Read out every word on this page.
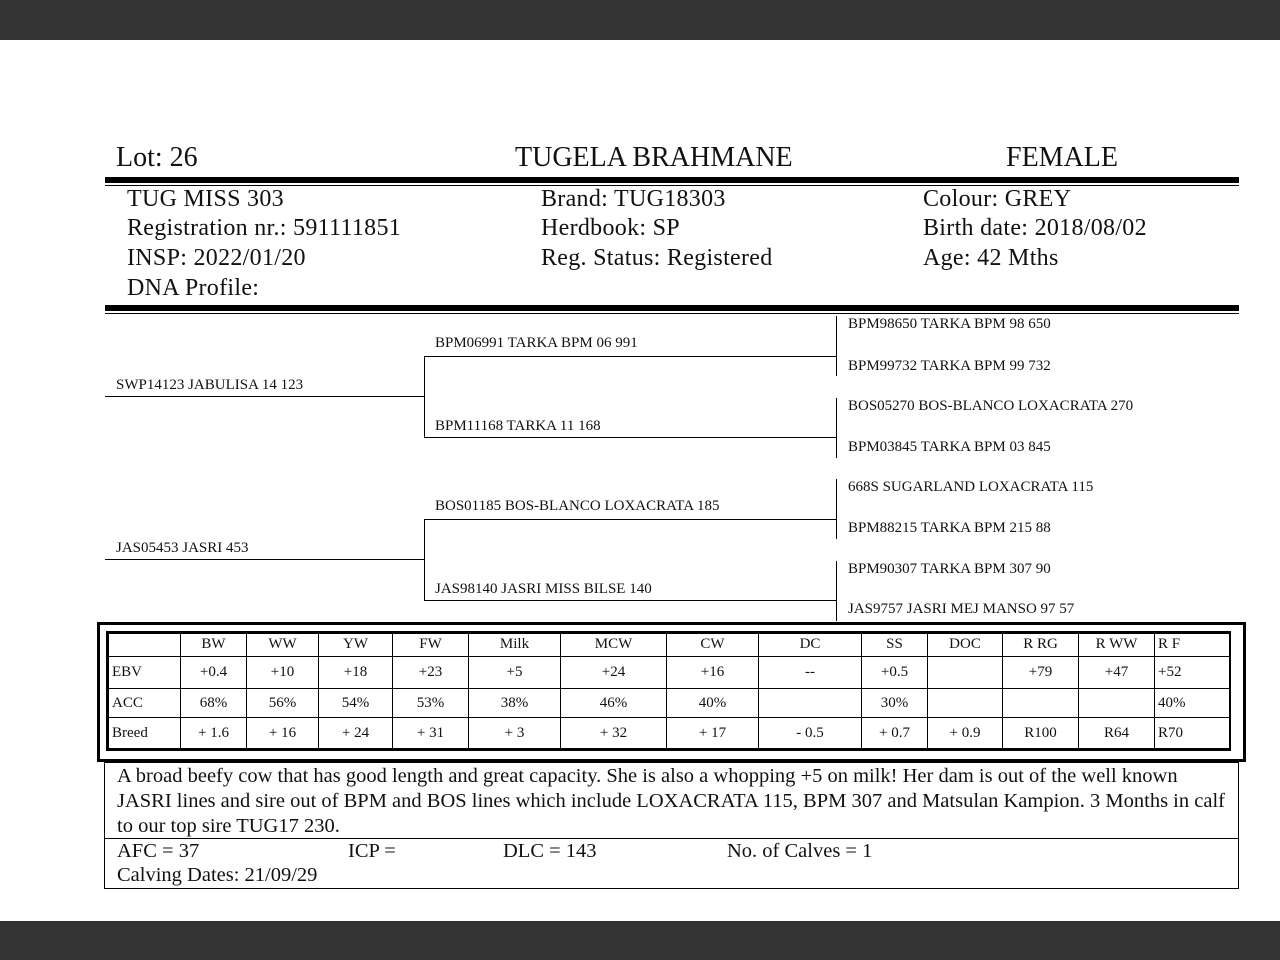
Lot: 26	TUGELA BRAHMANE	FEMALE
TUG MISS 303
Registration nr.: 591111851
INSP: 2022/01/20
DNA Profile:
Brand: TUG18303
Herdbook: SP
Reg. Status: Registered
Colour: GREY
Birth date: 2018/08/02
Age: 42 Mths
SWP14123 JABULISA 14 123
JAS05453 JASRI 453
BPM06991 TARKA BPM 06 991
BPM11168 TARKA 11 168
BOS01185 BOS-BLANCO LOXACRATA 185
JAS98140 JASRI MISS BILSE 140
BPM98650 TARKA BPM 98 650
BPM99732 TARKA BPM 99 732
BOS05270 BOS-BLANCO LOXACRATA 270
BPM03845 TARKA BPM 03 845
668S SUGARLAND LOXACRATA 115
BPM88215 TARKA BPM 215 88
BPM90307 TARKA BPM 307 90
JAS9757 JASRI MEJ MANSO 97 57
	BW	WW	YW	FW	Milk	MCW	CW	DC	SS	DOC	R RG	R WW	R F
EBV	+0.4	+10	+18	+23	+5	+24	+16	--	+0.5		+79	+47	+52
ACC	68%	56%	54%	53%	38%	46%	40%		30%				40%
Breed	+ 1.6	+ 16	+ 24	+ 31	+ 3	+ 32	+ 17	- 0.5	+ 0.7	+ 0.9	R100	R64	R70
A broad beefy cow that has good length and great capacity. She is also a whopping +5 on milk! Her dam is out of the well known JASRI lines and sire out of BPM and BOS lines which include LOXACRATA 115, BPM 307 and Matsulan Kampion. 3 Months in calf to our top sire TUG17 230.
AFC = 37	ICP =	DLC = 143	No. of Calves = 1
Calving Dates: 21/09/29
